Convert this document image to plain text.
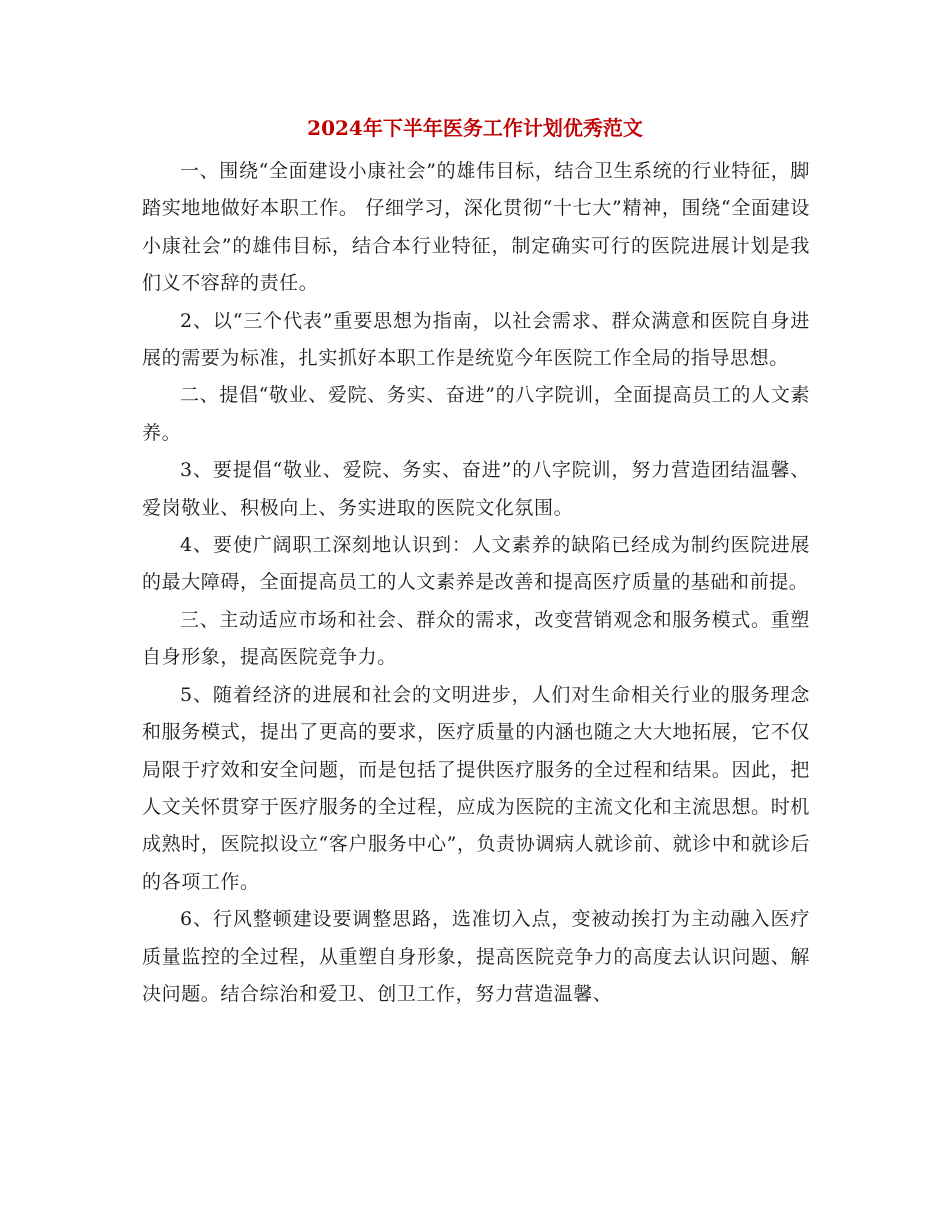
2024年下半年医务工作计划优秀范文

一、围绕“全面建设小康社会”的雄伟目标，结合卫生系统的行业特征，脚踏实地地做好本职工作。 仔细学习，深化贯彻“十七大”精神，围绕“全面建设小康社会”的雄伟目标，结合本行业特征，制定确实可行的医院进展计划是我们义不容辞的责任。

2、以“三个代表”重要思想为指南，以社会需求、群众满意和医院自身进展的需要为标准，扎实抓好本职工作是统览今年医院工作全局的指导思想。

二、提倡“敬业、爱院、务实、奋进”的八字院训，全面提高员工的人文素养。

3、要提倡“敬业、爱院、务实、奋进”的八字院训，努力营造团结温馨、爱岗敬业、积极向上、务实进取的医院文化氛围。

4、要使广阔职工深刻地认识到：人文素养的缺陷已经成为制约医院进展的最大障碍，全面提高员工的人文素养是改善和提高医疗质量的基础和前提。

三、主动适应市场和社会、群众的需求，改变营销观念和服务模式。重塑自身形象，提高医院竞争力。

5、随着经济的进展和社会的文明进步，人们对生命相关行业的服务理念和服务模式，提出了更高的要求，医疗质量的内涵也随之大大地拓展，它不仅局限于疗效和安全问题，而是包括了提供医疗服务的全过程和结果。因此，把人文关怀贯穿于医疗服务的全过程，应成为医院的主流文化和主流思想。时机成熟时，医院拟设立“客户服务中心”，负责协调病人就诊前、就诊中和就诊后的各项工作。

6、行风整顿建设要调整思路，选准切入点，变被动挨打为主动融入医疗质量监控的全过程，从重塑自身形象，提高医院竞争力的高度去认识问题、解决问题。结合综治和爱卫、创卫工作，努力营造温馨、
